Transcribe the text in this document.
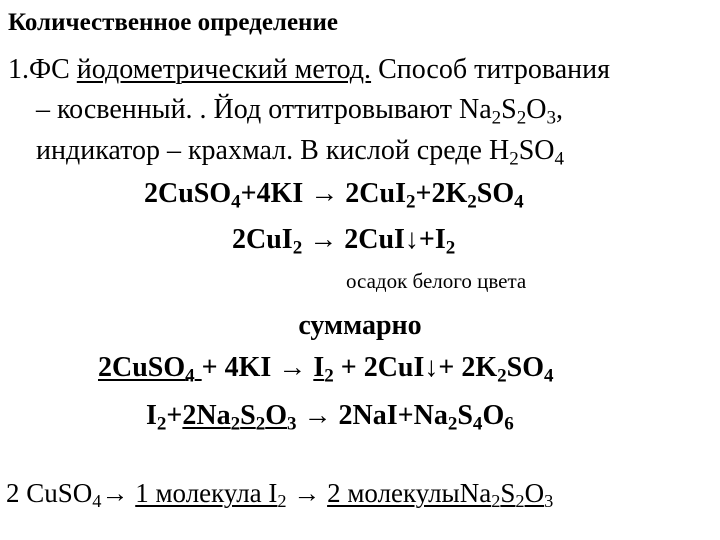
Количественное определение
1.ФС йодометрический метод. Способ титрования
– косвенный. . Йод оттитровывают $Na_2S_2O_3$,
индикатор – крахмал. В кислой среде $H_2SO_4$
2CuSO$_4$+4KI → $2CuI_2+2K_2SO_4$
$2CuI_2 \to 2CuI↓+I_2$
осадок белого цвета
суммарно
2CuSO$_4$ + $4KI \to I_2$ + 2CuI↓+ $2K_2SO_4$
$I_2+2Na_2S_2O_3 \to 2NaI+Na_2S_4O_6$
2 CuSO$_4$→ 1 молекула $I_2 \to 2$ $молекулыNa_2S_2O_3$
